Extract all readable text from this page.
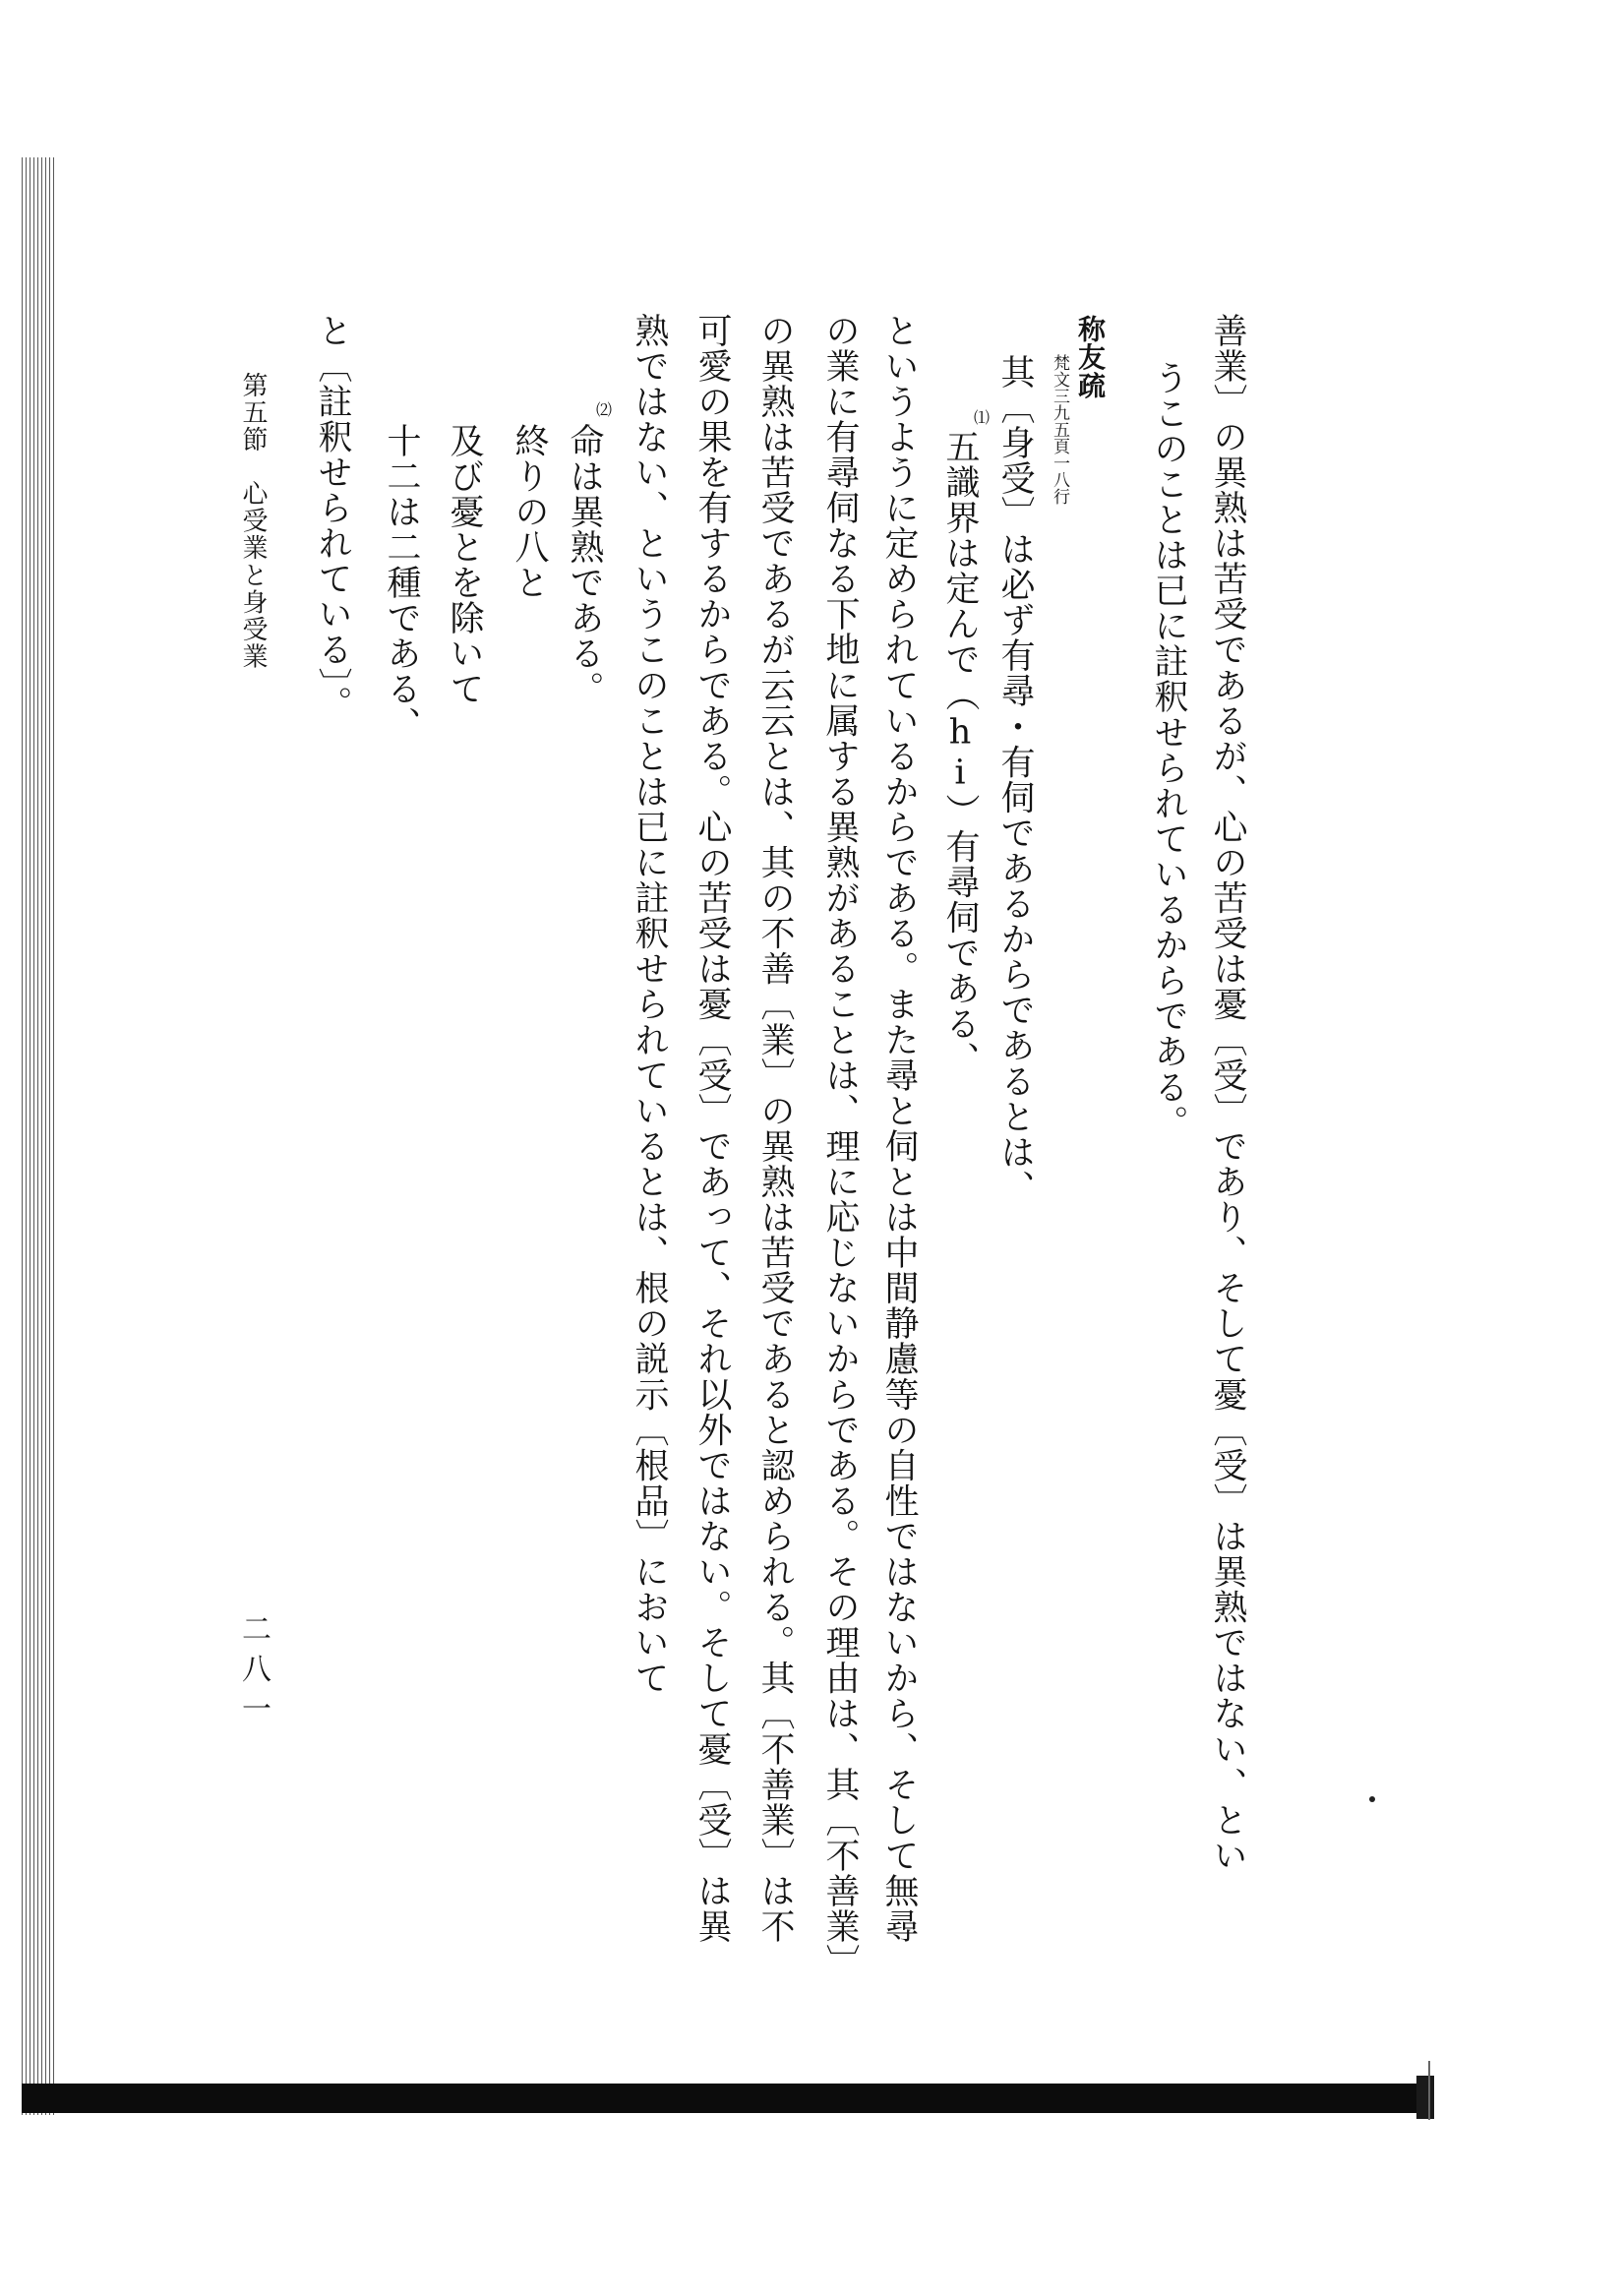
善業〕の異熟は苦受であるが、心の苦受は憂〔受〕であり、そして憂〔受〕は異熟ではない、とい
うこのことは已に註釈せられているからである。
称友疏
梵文三九五頁一八行
其〔身受〕は必ず有尋・有伺であるからであるとは、
⑴
五識界は定んで（hi）有尋伺である、
というように定められているからである。また尋と伺とは中間静慮等の自性ではないから、そして無尋
の業に有尋伺なる下地に属する異熟があることは、理に応じないからである。その理由は、其〔不善業〕
の異熟は苦受であるが云云とは、其の不善〔業〕の異熟は苦受であると認められる。其〔不善業〕は不
可愛の果を有するからである。心の苦受は憂〔受〕であって、それ以外ではない。そして憂〔受〕は異
熟ではない、というこのことは已に註釈せられているとは、根の説示〔根品〕において
⑵
命は異熟である。
終りの八と
及び憂とを除いて
十二は二種である、
と〔註釈せられている〕。
第五節　心受業と身受業
二八一
